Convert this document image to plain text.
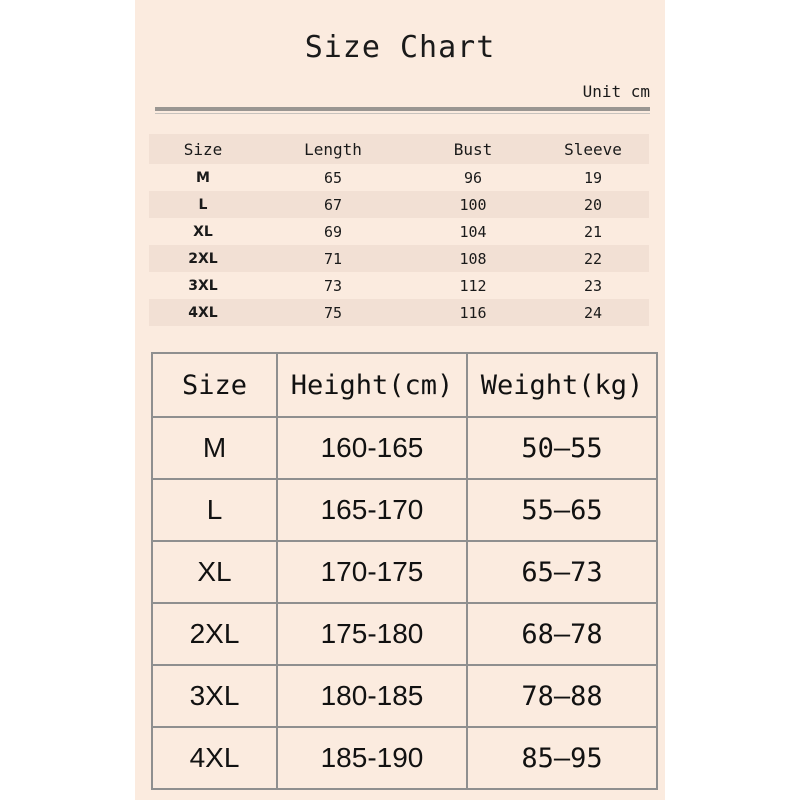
Size Chart
Unit cm
Size	Length	Bust	Sleeve
M	65	96	19
L	67	100	20
XL	69	104	21
2XL	71	108	22
3XL	73	112	23
4XL	75	116	24
Size	Height(cm)	Weight(kg)
M	160-165	50–55
L	165-170	55–65
XL	170-175	65–73
2XL	175-180	68–78
3XL	180-185	78–88
4XL	185-190	85–95
